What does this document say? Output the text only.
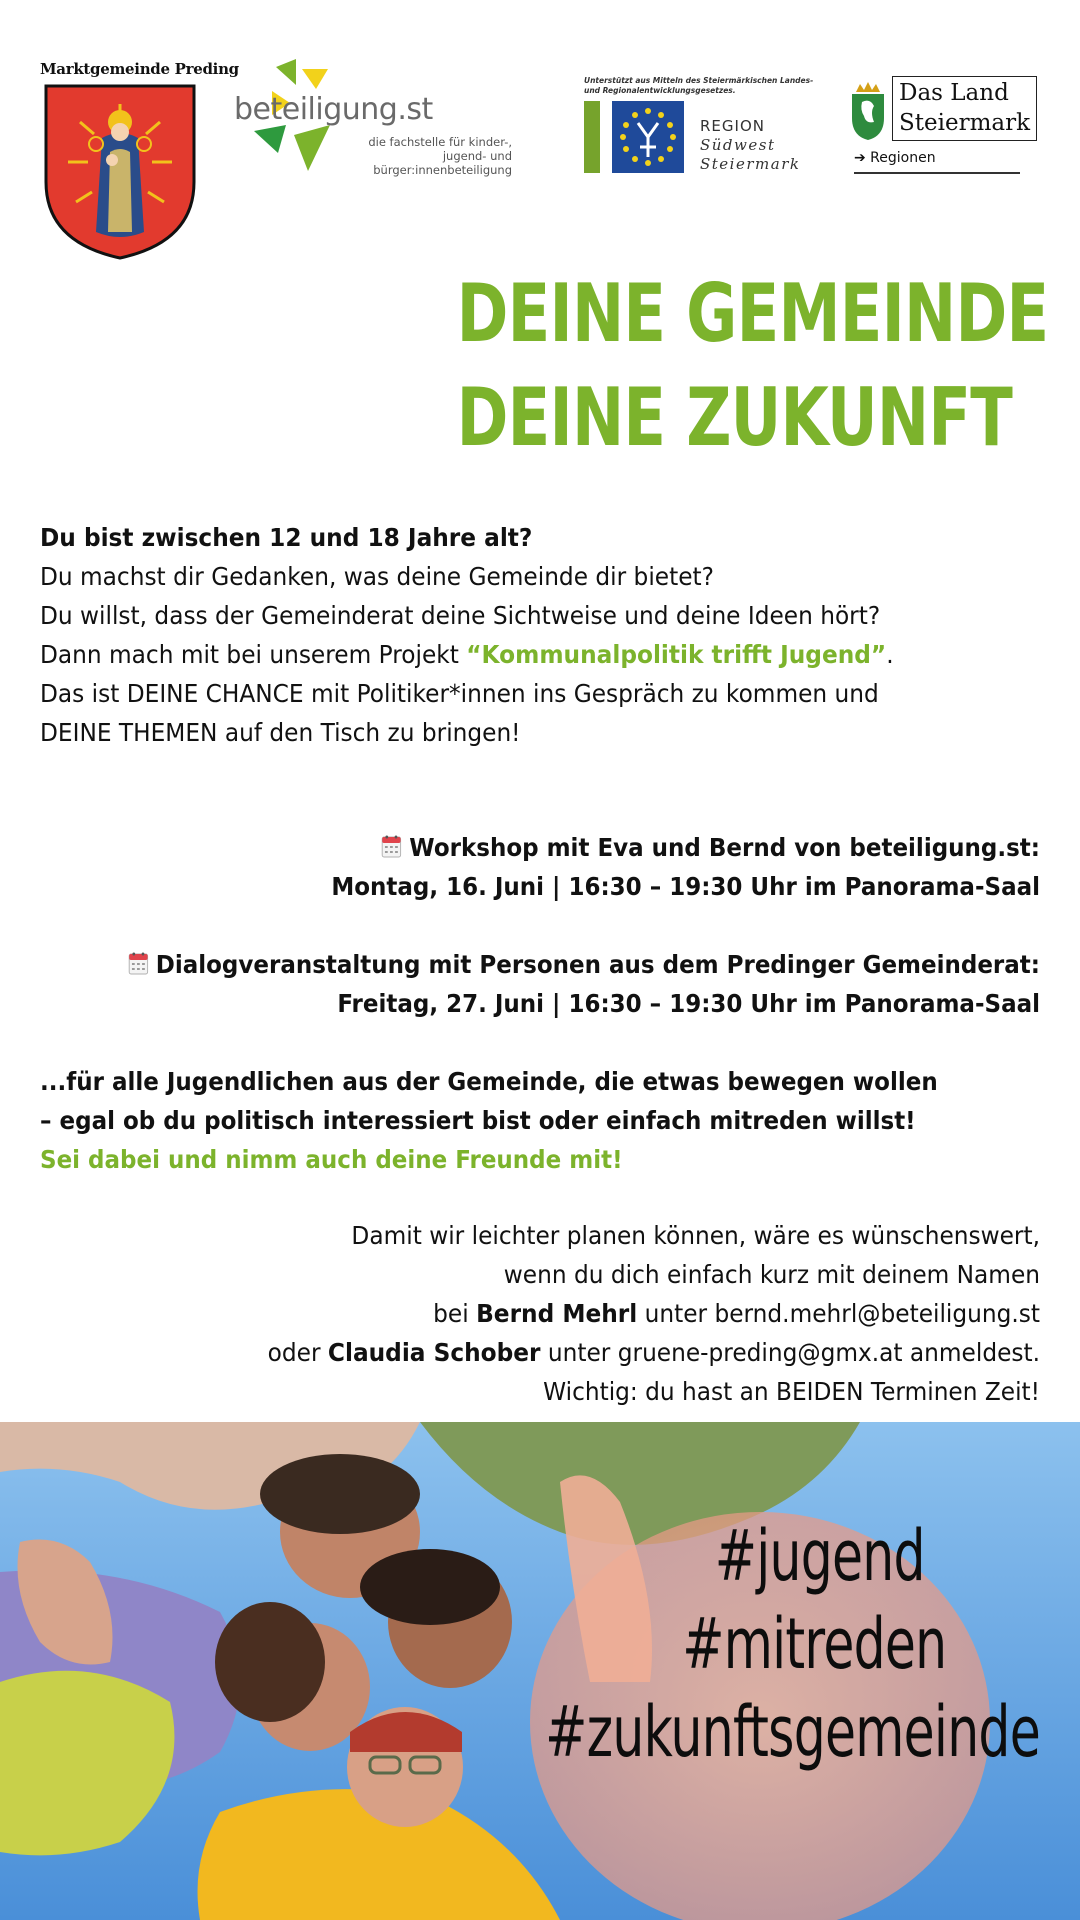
Marktgemeinde Preding
beteiligung.st
die fachstelle für kinder-, jugend- und bürger:innenbeteiligung
Unterstützt aus Mitteln des Steiermärkischen Landes- und Regionalentwicklungsgesetzes.
REGION
Südwest
Steiermark
Das Land
Steiermark
➔ Regionen
DEINE GEMEINDE
DEINE ZUKUNFT
Du bist zwischen 12 und 18 Jahre alt?
Du machst dir Gedanken, was deine Gemeinde dir bietet?
Du willst, dass der Gemeinderat deine Sichtweise und deine Ideen hört?
Dann mach mit bei unserem Projekt “Kommunalpolitik trifft Jugend”.
Das ist DEINE CHANCE mit Politiker*innen ins Gespräch zu kommen und
DEINE THEMEN auf den Tisch zu bringen!
Workshop mit Eva und Bernd von beteiligung.st:
Montag, 16. Juni | 16:30 – 19:30 Uhr im Panorama-Saal
Dialogveranstaltung mit Personen aus dem Predinger Gemeinderat:
Freitag, 27. Juni | 16:30 – 19:30 Uhr im Panorama-Saal
...für alle Jugendlichen aus der Gemeinde, die etwas bewegen wollen
– egal ob du politisch interessiert bist oder einfach mitreden willst!
Sei dabei und nimm auch deine Freunde mit!
Damit wir leichter planen können, wäre es wünschenswert,
wenn du dich einfach kurz mit deinem Namen
bei Bernd Mehrl unter bernd.mehrl@beteiligung.st
oder Claudia Schober unter gruene-preding@gmx.at anmeldest.
Wichtig: du hast an BEIDEN Terminen Zeit!
#jugend
#mitreden
#zukunftsgemeinde
